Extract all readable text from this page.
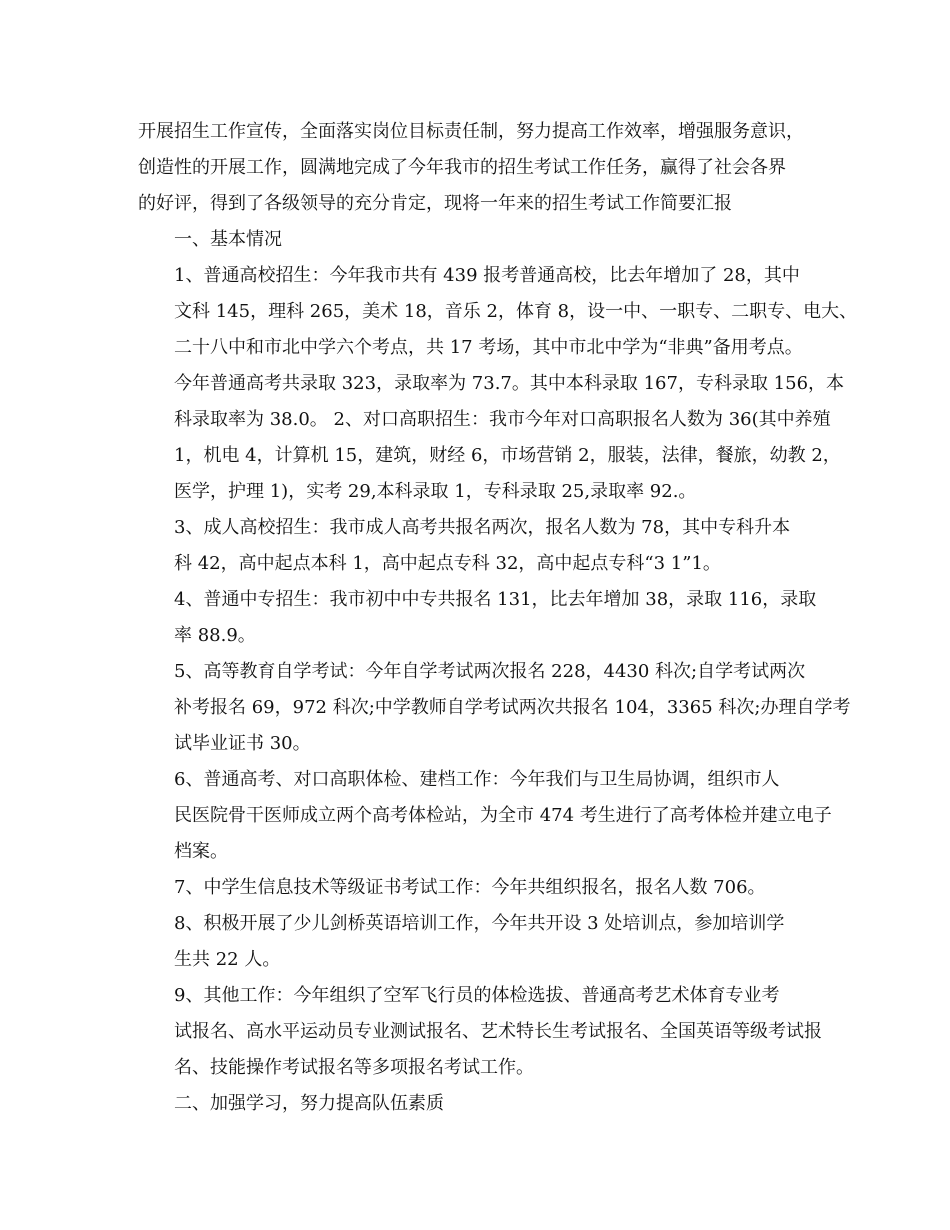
开展招生工作宣传，全面落实岗位目标责任制，努力提高工作效率，增强服务意识，
创造性的开展工作，圆满地完成了今年我市的招生考试工作任务，赢得了社会各界
的好评，得到了各级领导的充分肯定，现将一年来的招生考试工作简要汇报

一、基本情况

1、普通高校招生：今年我市共有 439 报考普通高校，比去年增加了 28，其中
文科 145，理科 265，美术 18，音乐 2，体育 8，设一中、一职专、二职专、电大、
二十八中和市北中学六个考点，共 17 考场，其中市北中学为“非典”备用考点。
今年普通高考共录取 323，录取率为 73.7。其中本科录取 167，专科录取 156，本
科录取率为 38.0。 2、对口高职招生：我市今年对口高职报名人数为 36(其中养殖
1，机电 4，计算机 15，建筑，财经 6，市场营销 2，服装，法律，餐旅，幼教 2，
医学，护理 1)，实考 29,本科录取 1，专科录取 25,录取率 92.。

3、成人高校招生：我市成人高考共报名两次，报名人数为 78，其中专科升本
科 42，高中起点本科 1，高中起点专科 32，高中起点专科“3 1”1。

4、普通中专招生：我市初中中专共报名 131，比去年增加 38，录取 116，录取
率 88.9。

5、高等教育自学考试：今年自学考试两次报名 228，4430 科次;自学考试两次
补考报名 69，972 科次;中学教师自学考试两次共报名 104，3365 科次;办理自学考
试毕业证书 30。

6、普通高考、对口高职体检、建档工作：今年我们与卫生局协调，组织市人
民医院骨干医师成立两个高考体检站，为全市 474 考生进行了高考体检并建立电子
档案。

7、中学生信息技术等级证书考试工作：今年共组织报名，报名人数 706。

8、积极开展了少儿剑桥英语培训工作，今年共开设 3 处培训点，参加培训学
生共 22 人。

9、其他工作：今年组织了空军飞行员的体检选拔、普通高考艺术体育专业考
试报名、高水平运动员专业测试报名、艺术特长生考试报名、全国英语等级考试报
名、技能操作考试报名等多项报名考试工作。

二、加强学习，努力提高队伍素质
